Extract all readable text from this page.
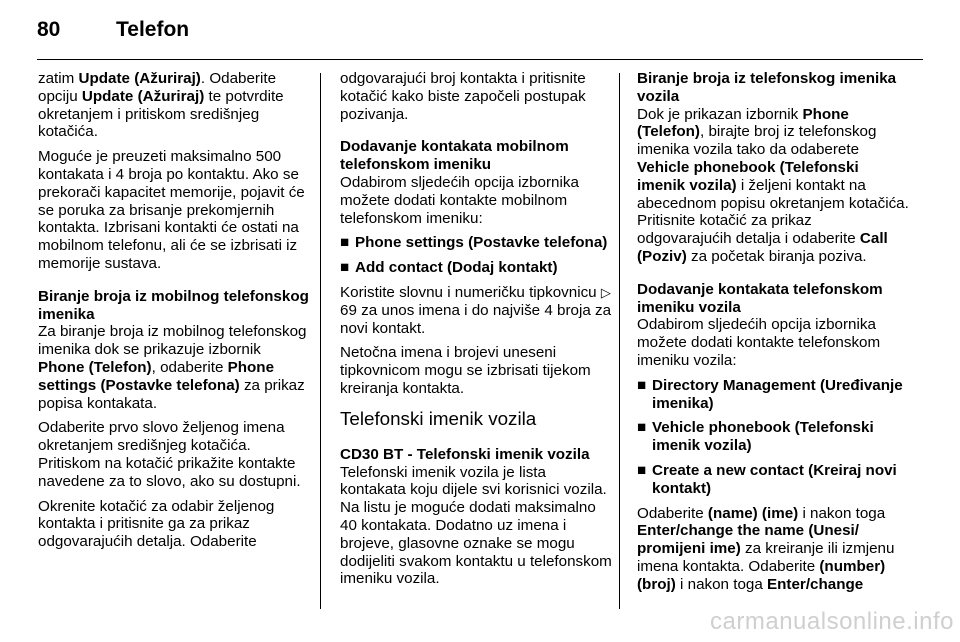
80	Telefon

zatim Update (Ažuriraj). Odaberite opciju Update (Ažuriraj) te potvrdite okretanjem i pritiskom središnjeg kotačića.

Moguće je preuzeti maksimalno 500 kontakata i 4 broja po kontaktu. Ako se prekorači kapacitet memorije, pojavit će se poruka za brisanje prekomjernih kontakta. Izbrisani kontakti će ostati na mobilnom telefonu, ali će se izbrisati iz memorije sustava.

Biranje broja iz mobilnog telefonskog imenika

Za biranje broja iz mobilnog telefonskog imenika dok se prikazuje izbornik Phone (Telefon), odaberite Phone settings (Postavke telefona) za prikaz popisa kontakata.

Odaberite prvo slovo željenog imena okretanjem središnjeg kotačića. Pritiskom na kotačić prikažite kontakte navedene za to slovo, ako su dostupni.

Okrenite kotačić za odabir željenog kontakta i pritisnite ga za prikaz odgovarajućih detalja. Odaberite

odgovarajući broj kontakta i pritisnite kotačić kako biste započeli postupak pozivanja.

Dodavanje kontakata mobilnom telefonskom imeniku

Odabirom sljedećih opcija izbornika možete dodati kontakte mobilnom telefonskom imeniku:

■ Phone settings (Postavke telefona)
■ Add contact (Dodaj kontakt)

Koristite slovnu i numeričku tipkovnicu ▷ 69 za unos imena i do najviše 4 broja za novi kontakt.

Netočna imena i brojevi uneseni tipkovnicom mogu se izbrisati tijekom kreiranja kontakta.

Telefonski imenik vozila
CD30 BT - Telefonski imenik vozila

Telefonski imenik vozila je lista kontakata koju dijele svi korisnici vozila. Na listu je moguće dodati maksimalno 40 kontakata. Dodatno uz imena i brojeve, glasovne oznake se mogu dodijeliti svakom kontaktu u telefonskom imeniku vozila.

Biranje broja iz telefonskog imenika vozila

Dok je prikazan izbornik Phone (Telefon), birajte broj iz telefonskog imenika vozila tako da odaberete Vehicle phonebook (Telefonski imenik vozila) i željeni kontakt na abecednom popisu okretanjem kotačića. Pritisnite kotačić za prikaz odgovarajućih detalja i odaberite Call (Poziv) za početak biranja poziva.

Dodavanje kontakata telefonskom imeniku vozila

Odabirom sljedećih opcija izbornika možete dodati kontakte telefonskom imeniku vozila:

■ Directory Management (Uređivanje imenika)
■ Vehicle phonebook (Telefonski imenik vozila)
■ Create a new contact (Kreiraj novi kontakt)

Odaberite (name) (ime) i nakon toga Enter/change the name (Unesi/ promijeni ime) za kreiranje ili izmjenu imena kontakta. Odaberite (number) (broj) i nakon toga Enter/change

carmanualsonline.info
